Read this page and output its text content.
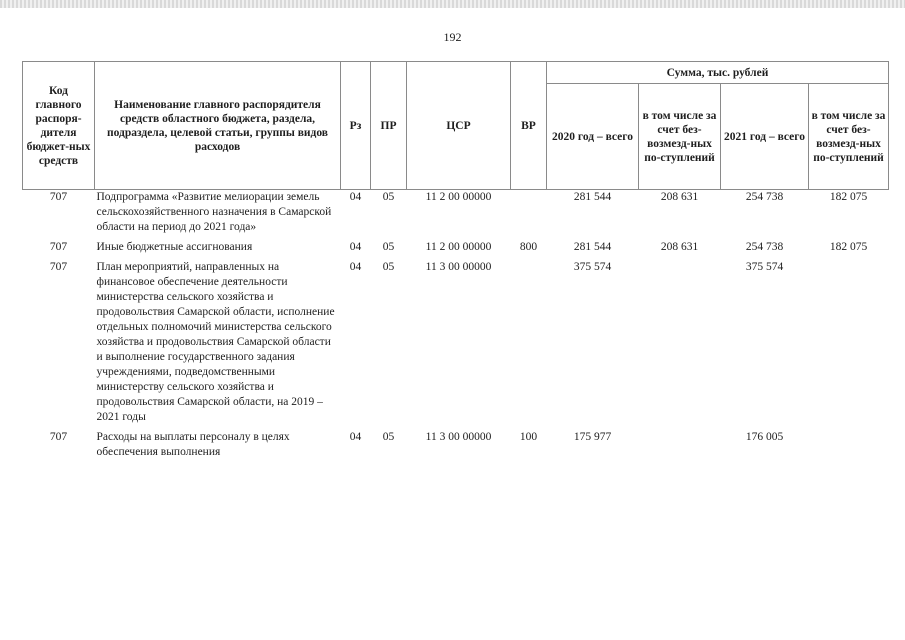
192
Код главного распоря-дителя бюджет-ных средств	Наименование главного распорядителя средств областного бюджета, раздела, подраздела, целевой статьи, группы видов расходов	Рз	ПР	ЦСР	ВР	Сумма, тыс. рублей			
						2020 год – всего	в том числе за счет без-возмезд-ных по-ступлений	2021 год – всего	в том числе за счет без-возмезд-ных по-ступлений
707	Подпрограмма «Развитие мелиорации земель сельскохозяйственного назначения в Самарской области на период до 2021 года»	04	05	11 2 00 00000		281 544	208 631	254 738	182 075
707	Иные бюджетные ассигнования	04	05	11 2 00 00000	800	281 544	208 631	254 738	182 075
707	План мероприятий, направленных на финансовое обеспечение деятельности министерства сельского хозяйства и продовольствия Самарской области, исполнение отдельных полномочий министерства сельского хозяйства и продовольствия Самарской области и выполнение государственного задания учреждениями, подведомственными министерству сельского хозяйства и продовольствия Самарской области, на 2019 – 2021 годы	04	05	11 3 00 00000		375 574		375 574	
707	Расходы на выплаты персоналу в целях обеспечения выполнения	04	05	11 3 00 00000	100	175 977		176 005	
